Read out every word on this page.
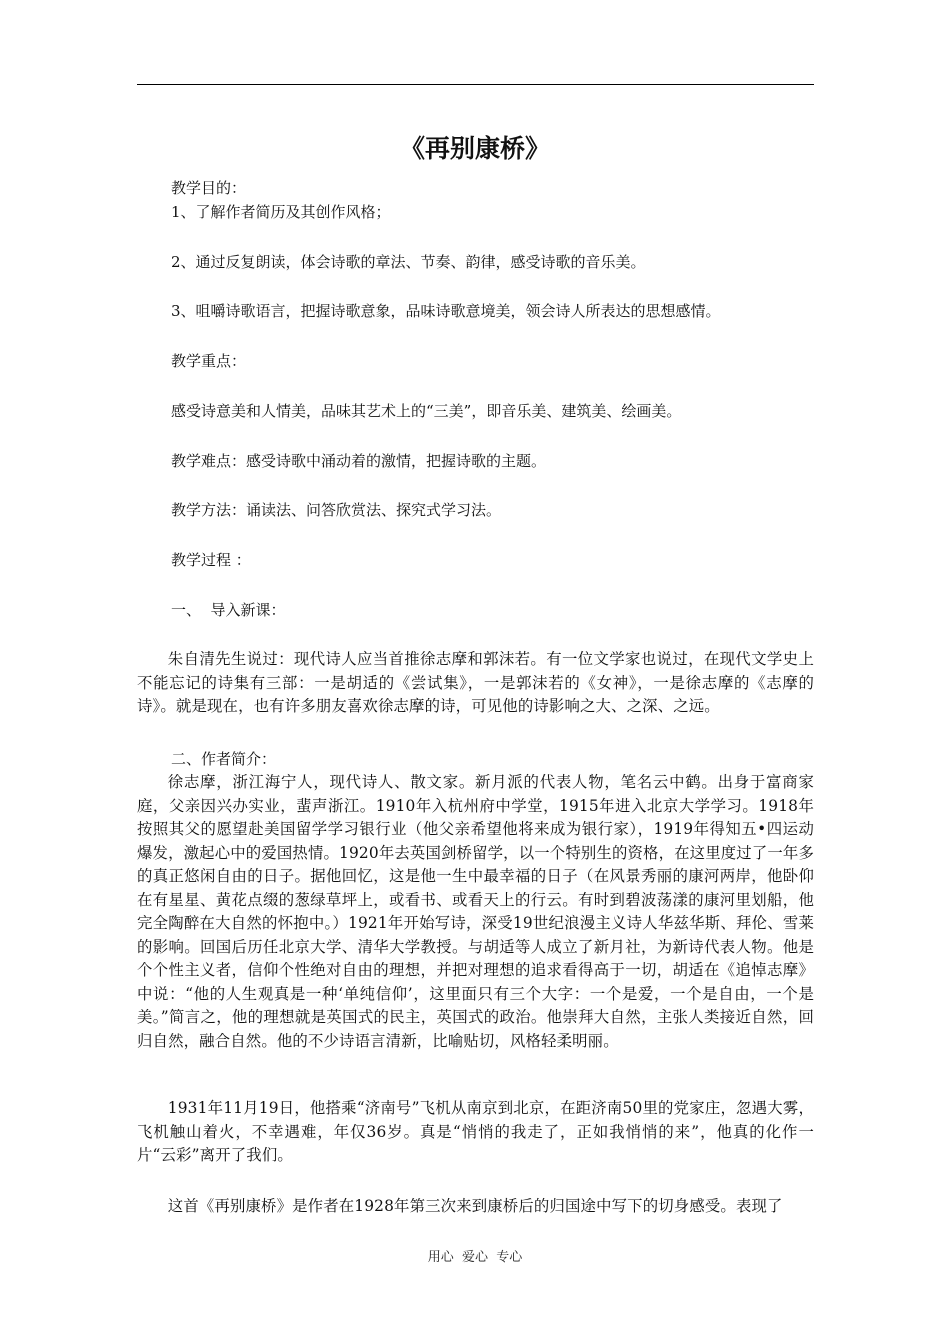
《再别康桥》
教学目的：
1、了解作者简历及其创作风格；
2、通过反复朗读，体会诗歌的章法、节奏、韵律，感受诗歌的音乐美。
3、咀嚼诗歌语言，把握诗歌意象，品味诗歌意境美，领会诗人所表达的思想感情。
教学重点：
感受诗意美和人情美，品味其艺术上的“三美”，即音乐美、建筑美、绘画美。
教学难点：感受诗歌中涌动着的激情，把握诗歌的主题。
教学方法：诵读法、问答欣赏法、探究式学习法。
教学过程 ：
一、  导入新课：
朱自清先生说过：现代诗人应当首推徐志摩和郭沫若。有一位文学家也说过，在现代文学史上不能忘记的诗集有三部：一是胡适的《尝试集》，一是郭沫若的《女神》，一是徐志摩的《志摩的诗》。就是现在，也有许多朋友喜欢徐志摩的诗，可见他的诗影响之大、之深、之远。
二、作者简介：
徐志摩，浙江海宁人，现代诗人、散文家。新月派的代表人物，笔名云中鹤。出身于富商家庭，父亲因兴办实业，蜚声浙江。1910年入杭州府中学堂，1915年进入北京大学学习。1918年按照其父的愿望赴美国留学学习银行业（他父亲希望他将来成为银行家），1919年得知五•四运动爆发，激起心中的爱国热情。1920年去英国剑桥留学，以一个特别生的资格，在这里度过了一年多的真正悠闲自由的日子。据他回忆，这是他一生中最幸福的日子（在风景秀丽的康河两岸，他卧仰在有星星、黄花点缀的葱绿草坪上，或看书、或看天上的行云。有时到碧波荡漾的康河里划船，他完全陶醉在大自然的怀抱中。）1921年开始写诗，深受19世纪浪漫主义诗人华兹华斯、拜伦、雪莱的影响。回国后历任北京大学、清华大学教授。与胡适等人成立了新月社，为新诗代表人物。他是个个性主义者，信仰个性绝对自由的理想，并把对理想的追求看得高于一切，胡适在《追悼志摩》中说：“他的人生观真是一种‘单纯信仰’，这里面只有三个大字：一个是爱，一个是自由，一个是美。”简言之，他的理想就是英国式的民主，英国式的政治。他崇拜大自然，主张人类接近自然，回归自然，融合自然。他的不少诗语言清新，比喻贴切，风格轻柔明丽。
1931年11月19日，他搭乘“济南号”飞机从南京到北京，在距济南50里的党家庄，忽遇大雾，飞机触山着火，不幸遇难，年仅36岁。真是“悄悄的我走了，正如我悄悄的来”，他真的化作一片“云彩”离开了我们。
这首《再别康桥》是作者在1928年第三次来到康桥后的归国途中写下的切身感受。表现了
用心  爱心  专心
